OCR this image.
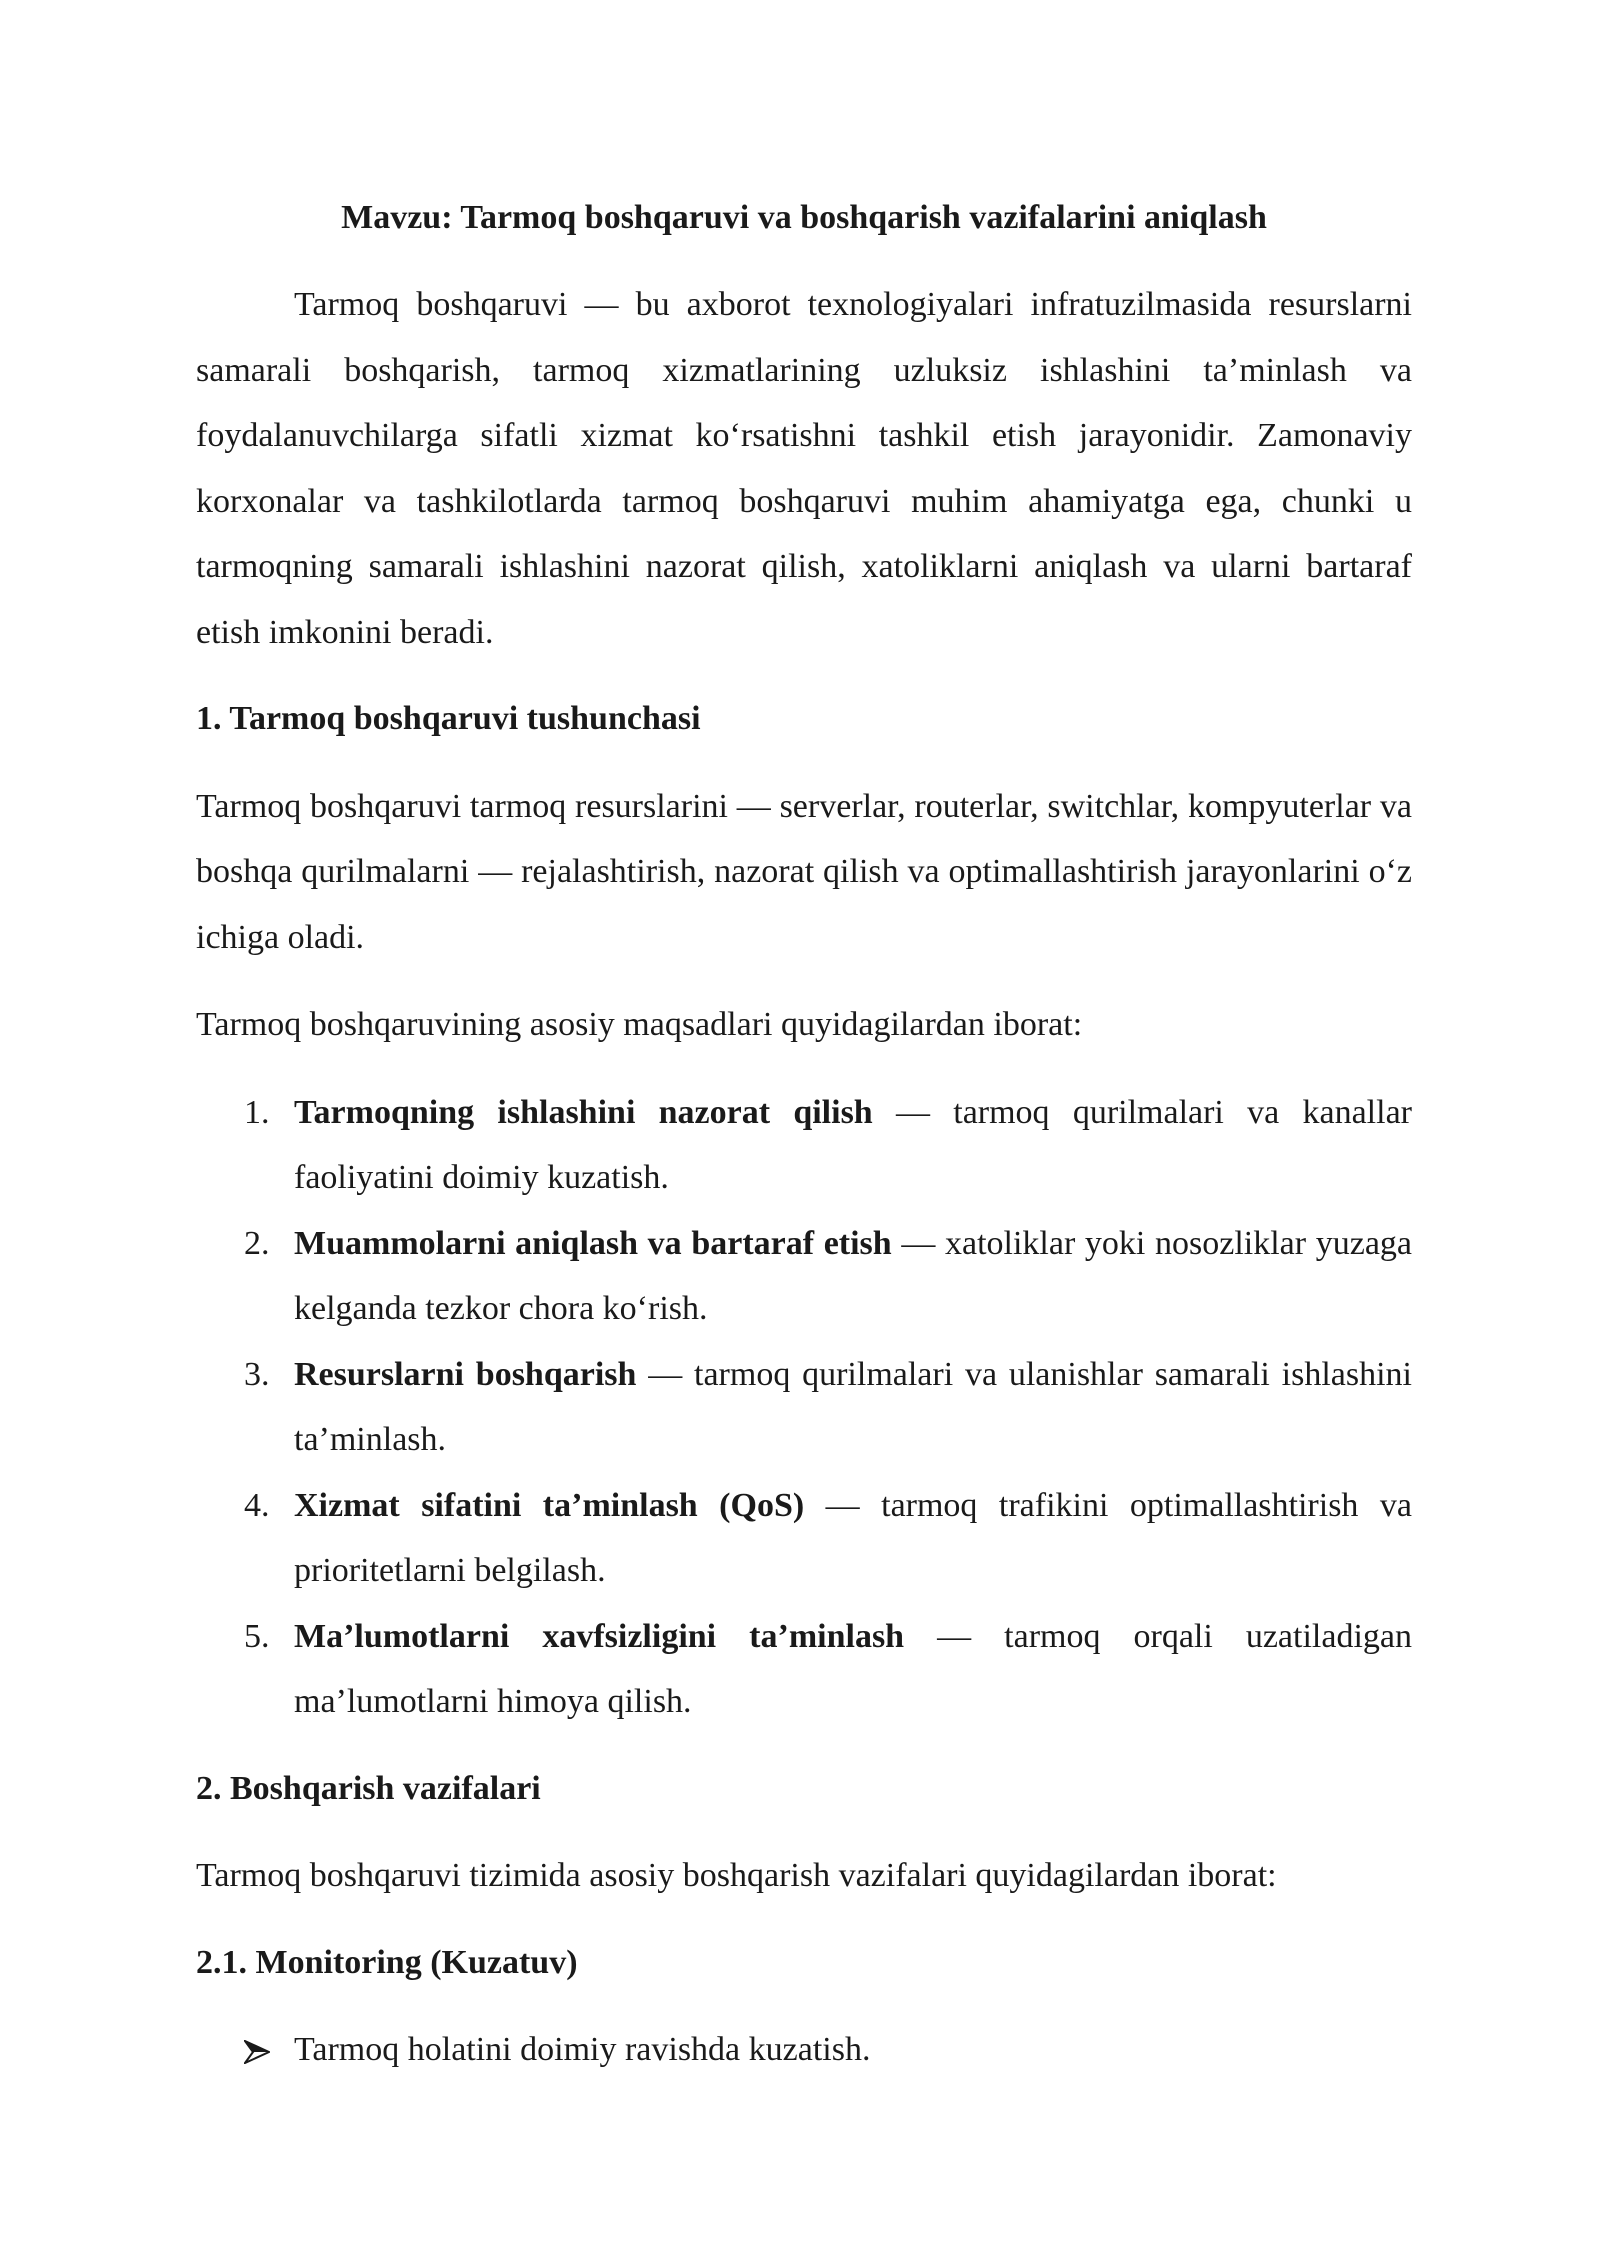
Mavzu: Tarmoq boshqaruvi va boshqarish vazifalarini aniqlash

Tarmoq boshqaruvi — bu axborot texnologiyalari infratuzilmasida resurslarni samarali boshqarish, tarmoq xizmatlarining uzluksiz ishlashini ta’minlash va foydalanuvchilarga sifatli xizmat ko‘rsatishni tashkil etish jarayonidir. Zamonaviy korxonalar va tashkilotlarda tarmoq boshqaruvi muhim ahamiyatga ega, chunki u tarmoqning samarali ishlashini nazorat qilish, xatoliklarni aniqlash va ularni bartaraf etish imkonini beradi.

1. Tarmoq boshqaruvi tushunchasi

Tarmoq boshqaruvi tarmoq resurslarini — serverlar, routerlar, switchlar, kompyuterlar va boshqa qurilmalarni — rejalashtirish, nazorat qilish va optimallashtirish jarayonlarini o‘z ichiga oladi.

Tarmoq boshqaruvining asosiy maqsadlari quyidagilardan iborat:

1. Tarmoqning ishlashini nazorat qilish — tarmoq qurilmalari va kanallar faoliyatini doimiy kuzatish.
2. Muammolarni aniqlash va bartaraf etish — xatoliklar yoki nosozliklar yuzaga kelganda tezkor chora ko‘rish.
3. Resurslarni boshqarish — tarmoq qurilmalari va ulanishlar samarali ishlashini ta’minlash.
4. Xizmat sifatini ta’minlash (QoS) — tarmoq trafikini optimallashtirish va prioritetlarni belgilash.
5. Ma’lumotlarni xavfsizligini ta’minlash — tarmoq orqali uzatiladigan ma’lumotlarni himoya qilish.

2. Boshqarish vazifalari

Tarmoq boshqaruvi tizimida asosiy boshqarish vazifalari quyidagilardan iborat:

2.1. Monitoring (Kuzatuv)

Tarmoq holatini doimiy ravishda kuzatish.
